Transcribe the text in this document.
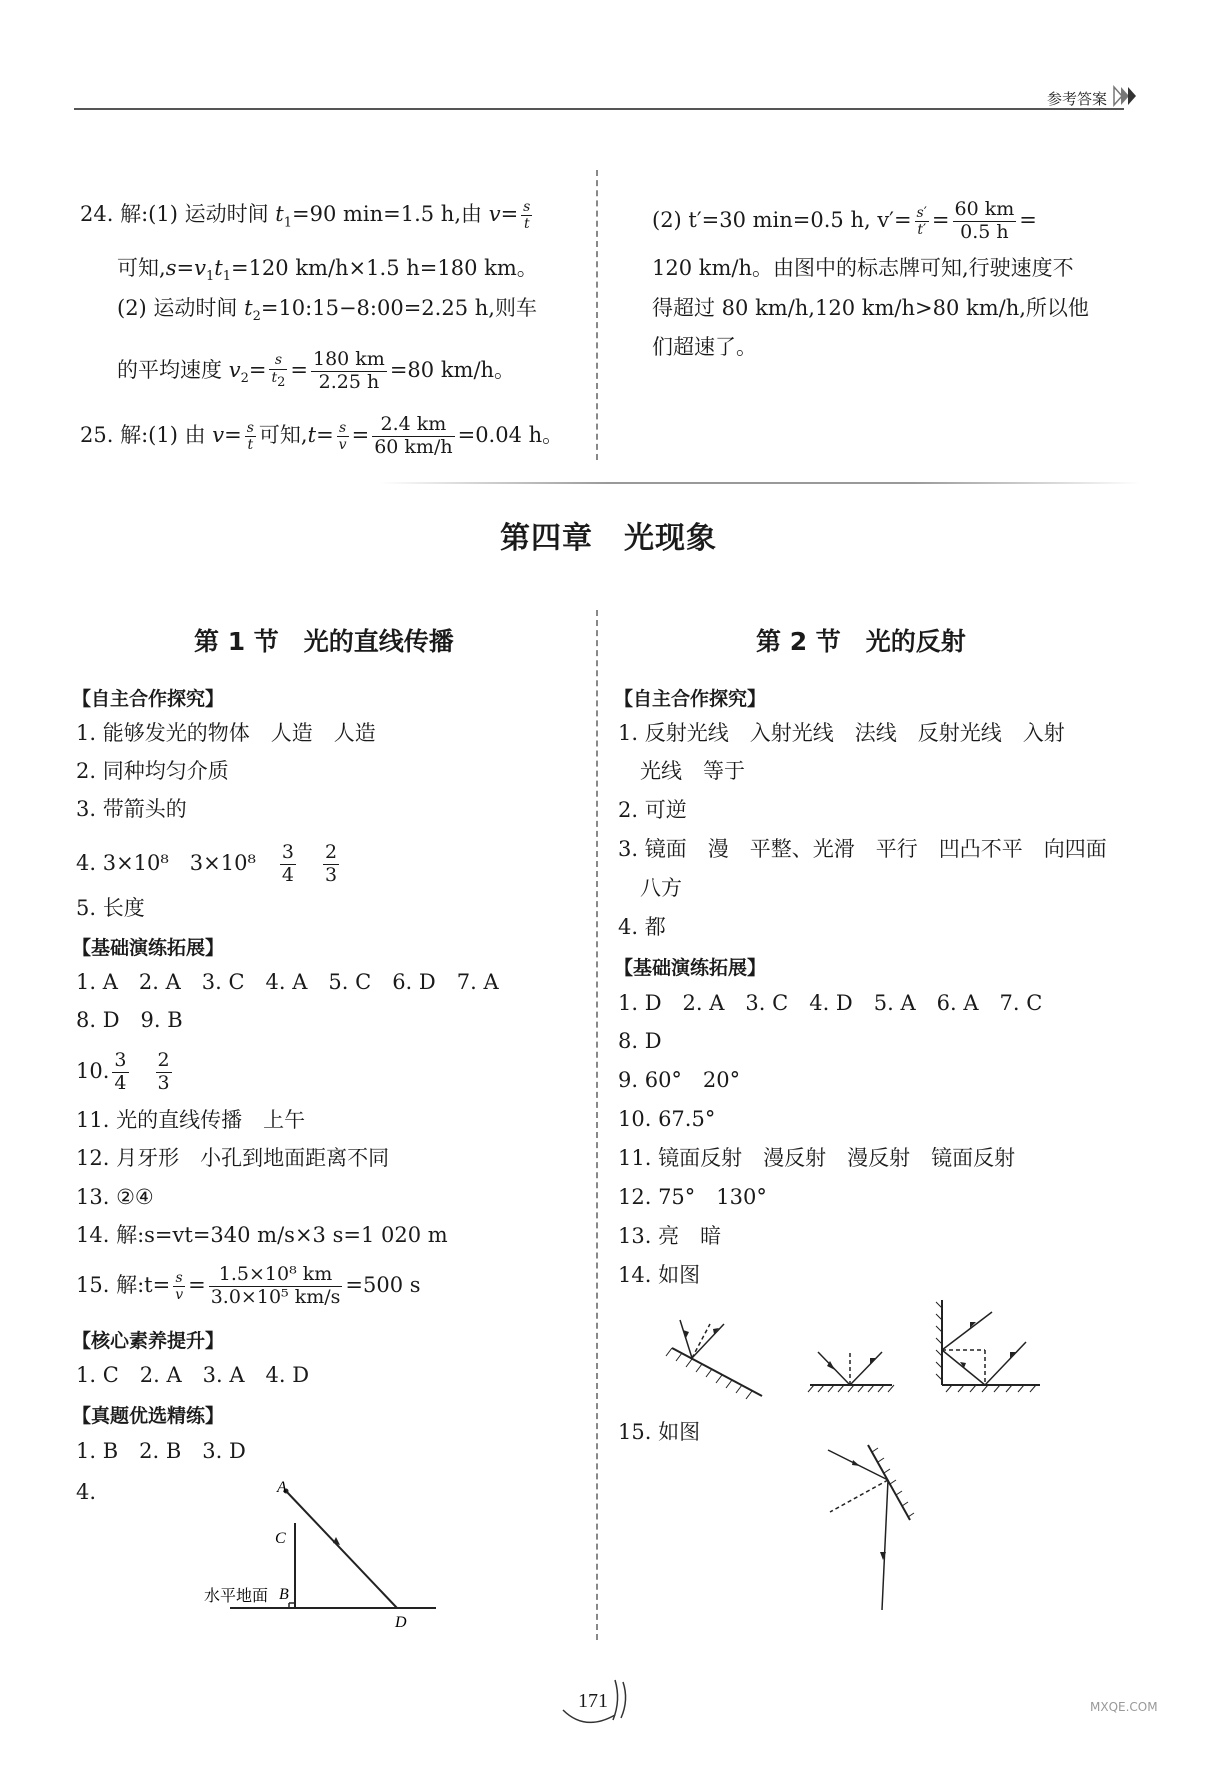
参考答案
24. 解:(1) 运动时间 $t_1=90$ min=1.5 h,由 $v= \frac{s}{t}$
可知$,s=v_1t_1=120$ km/h×1.5 h=180 km。
(2) 运动时间 $t_2=10:15-8:00=2.25$ h,则车
的平均速度 $v_2= \frac{s}{t_2} = \frac{180 km}{2.25 h} =80$ km/h。
25. 解:(1) 由 $v= \frac{s}{t}$ 可知$,t= \frac{s}{v} = \frac{2.4 km}{60 km/h} =0.04$ h。
(2) t′=30 min=0.5 h, $v'= \frac{s'}{t'} = \frac{60 km}{0.5 h}$ =
120 km/h。由图中的标志牌可知,行驶速度不
得超过 80 km/h,120 km/h>80 km/h,所以他
们超速了。
第四章　光现象
第 1 节　光的直线传播
【自主合作探究】
1. 能够发光的物体　人造　人造
2. 同种均匀介质
3. 带箭头的
4. 3×10⁸　3×10⁸　 $\frac{3}{4}$
　 $\frac{2}{3}$
5. 长度
【基础演练拓展】
1. A　2. A　3. C　4. A　5. C　6. D　7. A
8. D　9. B
10. $\frac{3}{4}$
　 $\frac{2}{3}$
11. 光的直线传播　上午
12. 月牙形　小孔到地面距离不同
13. ②④
14. 解:s=vt=340 m/s×3 s=1 020 m
15. 解:t= $\frac{s}{v} = \frac{\text{1.5×10⁸ km}}{\text{3.0×10⁵ km/s}} =500$ s
【核心素养提升】
1. C　2. A　3. A　4. D
【真题优选精练】
1. B　2. B　3. D
4.	A
B
C
D
水平地面
第 2 节　光的反射
【自主合作探究】
1. 反射光线　入射光线　法线　反射光线　入射
光线　等于
2. 可逆
3. 镜面　漫　平整、光滑　平行　凹凸不平　向四面
八方
4. 都
【基础演练拓展】
1. D　2. A　3. C　4. D　5. A　6. A　7. C
8. D
9. 60°　20°
10. 67.5°
11. 镜面反射　漫反射　漫反射　镜面反射
12. 75°　130°
13. 亮　暗
14. 如图
15. 如图
171	MXQE.COM
